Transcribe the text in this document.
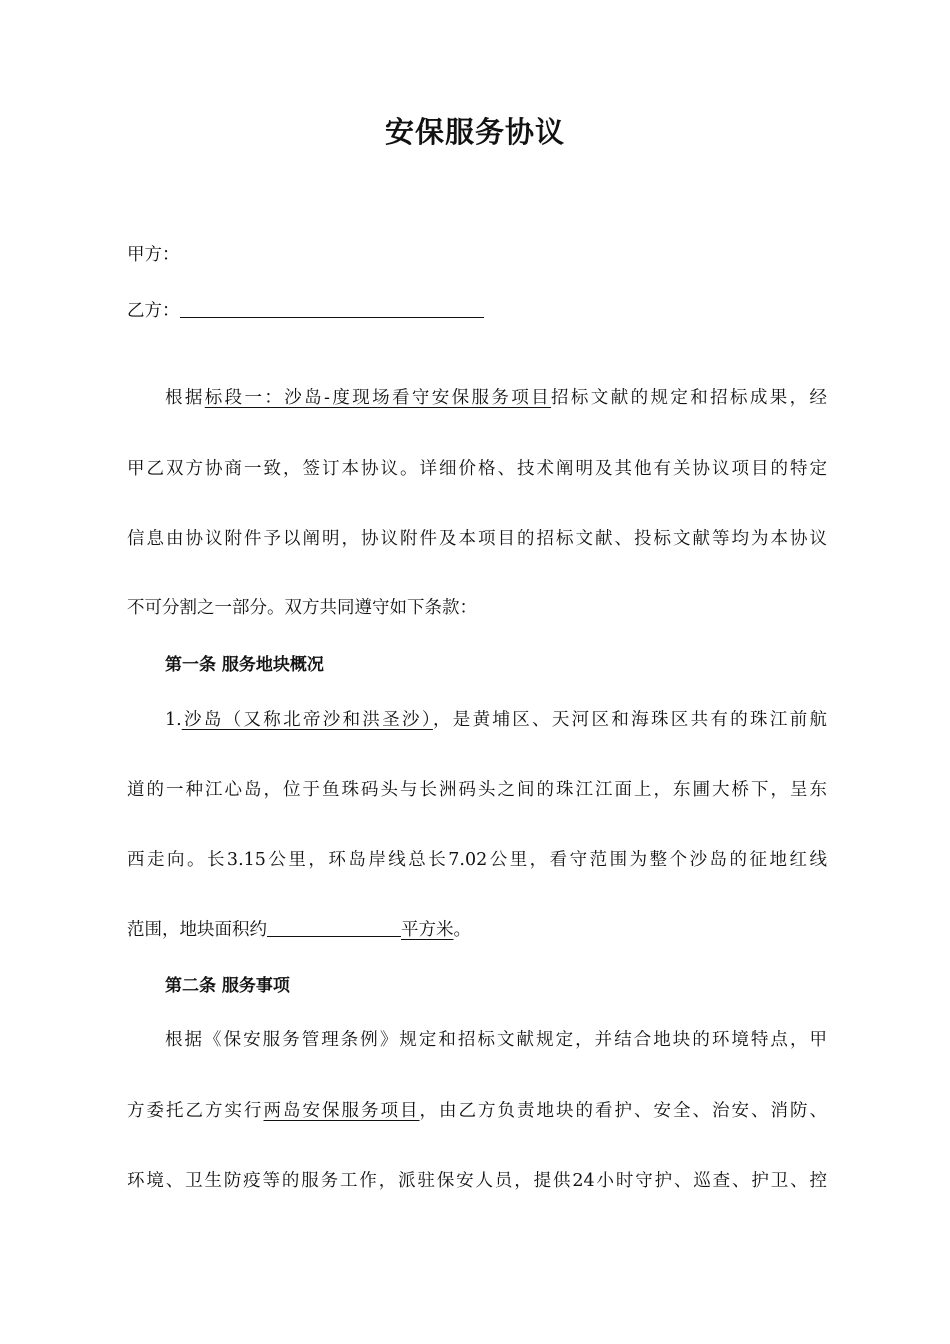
安保服务协议
甲方：
乙方：
根据标段一：沙岛-度现场看守安保服务项目招标文献的规定和招标成果，经
甲乙双方协商一致，签订本协议。详细价格、技术阐明及其他有关协议项目的特定
信息由协议附件予以阐明，协议附件及本项目的招标文献、投标文献等均为本协议
不可分割之一部分。双方共同遵守如下条款：
第一条 服务地块概况
1.沙岛（又称北帝沙和洪圣沙），是黄埔区、天河区和海珠区共有的珠江前航
道的一种江心岛，位于鱼珠码头与长洲码头之间的珠江江面上，东圃大桥下，呈东
西走向。长3.15公里，环岛岸线总长7.02公里，看守范围为整个沙岛的征地红线
范围，地块面积约	平方米。
第二条 服务事项
根据《保安服务管理条例》规定和招标文献规定，并结合地块的环境特点，甲
方委托乙方实行两岛安保服务项目，由乙方负责地块的看护、安全、治安、消防、
环境、卫生防疫等的服务工作，派驻保安人员，提供24小时守护、巡查、护卫、控
